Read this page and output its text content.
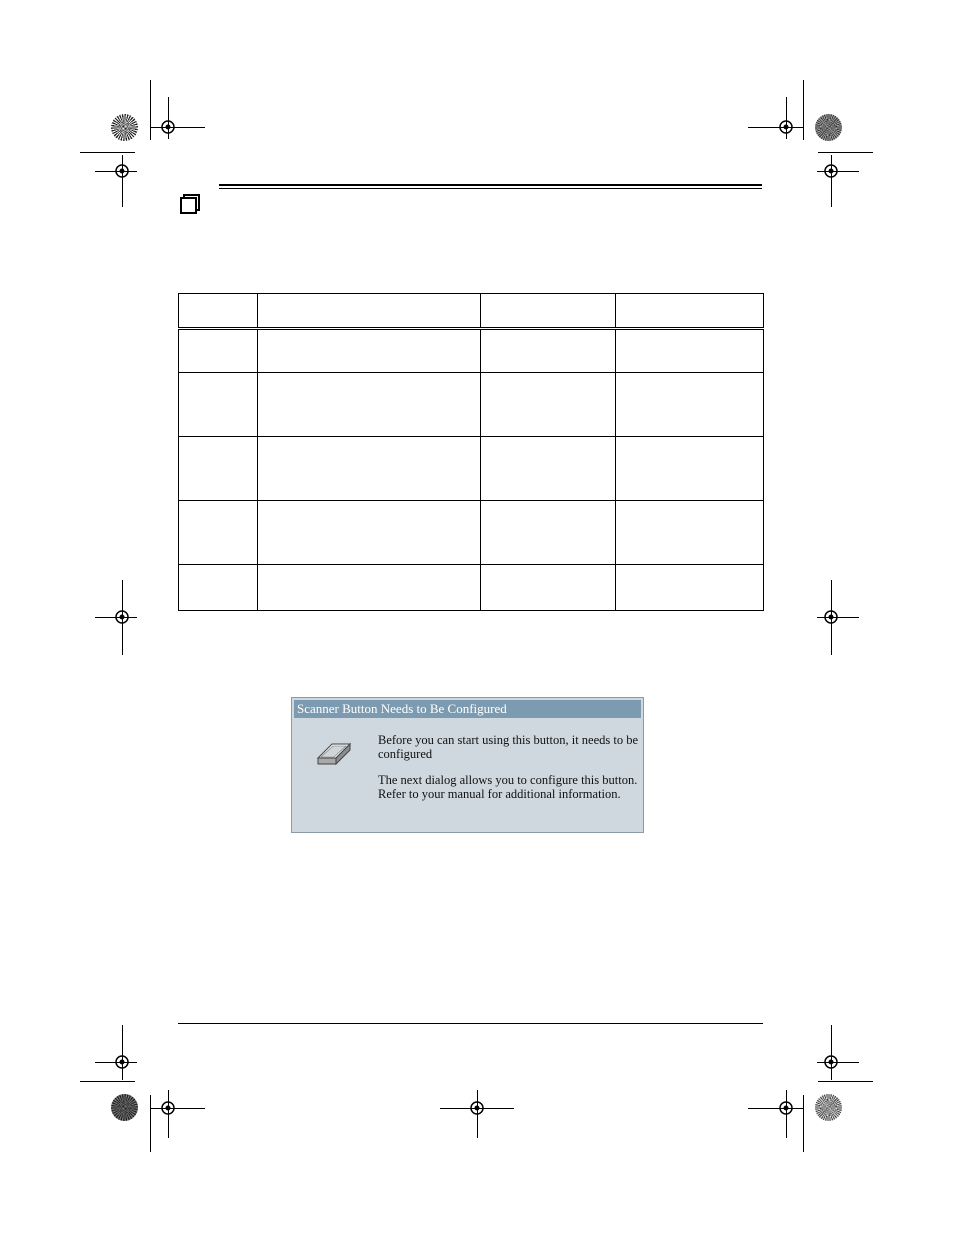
Scanner Button Needs to Be Configured
Before you can start using this button, it needs to be configured
The next dialog allows you to configure this button. Refer to your manual for additional information.
